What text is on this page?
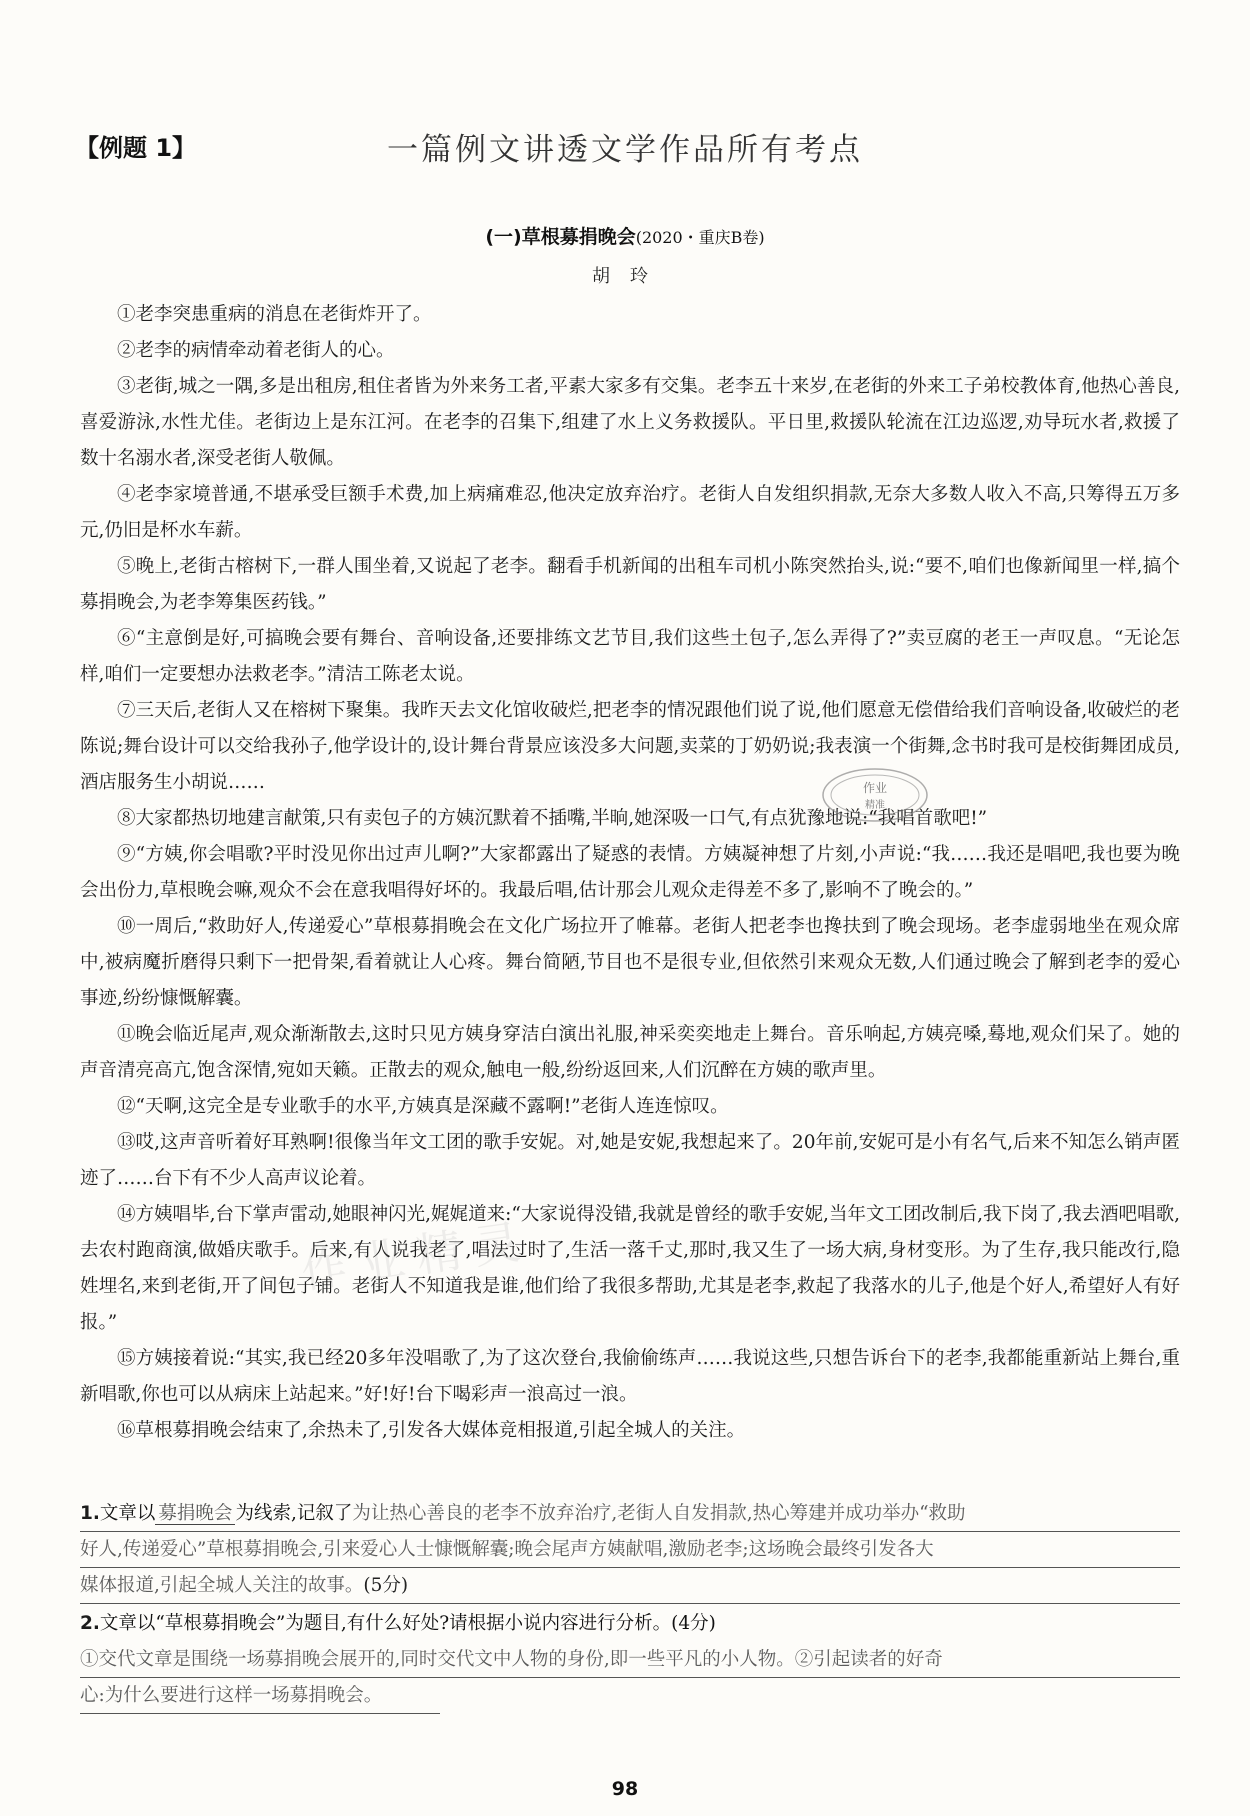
【例题 1】	一篇例文讲透文学作品所有考点
(一)草根募捐晚会(2020・重庆B卷)
胡玲

①老李突患重病的消息在老街炸开了。

②老李的病情牵动着老街人的心。

③老街,城之一隅,多是出租房,租住者皆为外来务工者,平素大家多有交集。老李五十来岁,在老街的外来工子弟校教体育,他热心善良,喜爱游泳,水性尤佳。老街边上是东江河。在老李的召集下,组建了水上义务救援队。平日里,救援队轮流在江边巡逻,劝导玩水者,救援了数十名溺水者,深受老街人敬佩。

④老李家境普通,不堪承受巨额手术费,加上病痛难忍,他决定放弃治疗。老街人自发组织捐款,无奈大多数人收入不高,只筹得五万多元,仍旧是杯水车薪。

⑤晚上,老街古榕树下,一群人围坐着,又说起了老李。翻看手机新闻的出租车司机小陈突然抬头,说:“要不,咱们也像新闻里一样,搞个募捐晚会,为老李筹集医药钱。”

⑥“主意倒是好,可搞晚会要有舞台、音响设备,还要排练文艺节目,我们这些土包子,怎么弄得了?”卖豆腐的老王一声叹息。“无论怎样,咱们一定要想办法救老李。”清洁工陈老太说。

⑦三天后,老街人又在榕树下聚集。我昨天去文化馆收破烂,把老李的情况跟他们说了说,他们愿意无偿借给我们音响设备,收破烂的老陈说;舞台设计可以交给我孙子,他学设计的,设计舞台背景应该没多大问题,卖菜的丁奶奶说;我表演一个街舞,念书时我可是校街舞团成员,酒店服务生小胡说……

⑧大家都热切地建言献策,只有卖包子的方姨沉默着不插嘴,半晌,她深吸一口气,有点犹豫地说:“我唱首歌吧!”

⑨“方姨,你会唱歌?平时没见你出过声儿啊?”大家都露出了疑惑的表情。方姨凝神想了片刻,小声说:“我……我还是唱吧,我也要为晚会出份力,草根晚会嘛,观众不会在意我唱得好坏的。我最后唱,估计那会儿观众走得差不多了,影响不了晚会的。”

⑩一周后,“救助好人,传递爱心”草根募捐晚会在文化广场拉开了帷幕。老街人把老李也搀扶到了晚会现场。老李虚弱地坐在观众席中,被病魔折磨得只剩下一把骨架,看着就让人心疼。舞台简陋,节目也不是很专业,但依然引来观众无数,人们通过晚会了解到老李的爱心事迹,纷纷慷慨解囊。

⑪晚会临近尾声,观众渐渐散去,这时只见方姨身穿洁白演出礼服,神采奕奕地走上舞台。音乐响起,方姨亮嗓,蓦地,观众们呆了。她的声音清亮高亢,饱含深情,宛如天籁。正散去的观众,触电一般,纷纷返回来,人们沉醉在方姨的歌声里。

⑫“天啊,这完全是专业歌手的水平,方姨真是深藏不露啊!”老街人连连惊叹。

⑬哎,这声音听着好耳熟啊!很像当年文工团的歌手安妮。对,她是安妮,我想起来了。20年前,安妮可是小有名气,后来不知怎么销声匿迹了……台下有不少人高声议论着。

⑭方姨唱毕,台下掌声雷动,她眼神闪光,娓娓道来:“大家说得没错,我就是曾经的歌手安妮,当年文工团改制后,我下岗了,我去酒吧唱歌,去农村跑商演,做婚庆歌手。后来,有人说我老了,唱法过时了,生活一落千丈,那时,我又生了一场大病,身材变形。为了生存,我只能改行,隐姓埋名,来到老街,开了间包子铺。老街人不知道我是谁,他们给了我很多帮助,尤其是老李,救起了我落水的儿子,他是个好人,希望好人有好报。”

⑮方姨接着说:“其实,我已经20多年没唱歌了,为了这次登台,我偷偷练声……我说这些,只想告诉台下的老李,我都能重新站上舞台,重新唱歌,你也可以从病床上站起来。”好!好!台下喝彩声一浪高过一浪。

⑯草根募捐晚会结束了,余热未了,引发各大媒体竞相报道,引起全城人的关注。

1.文章以 募捐晚会 为线索,记叙了为让热心善良的老李不放弃治疗,老街人自发捐款,热心筹建并成功举办“救助
好人,传递爱心”草根募捐晚会,引来爱心人士慷慨解囊;晚会尾声方姨献唱,激励老李;这场晚会最终引发各大
媒体报道,引起全城人关注的故事。(5分)
2.文章以“草根募捐晚会”为题目,有什么好处?请根据小说内容进行分析。(4分)
①交代文章是围绕一场募捐晚会展开的,同时交代文中人物的身份,即一些平凡的小人物。②引起读者的好奇
心:为什么要进行这样一场募捐晚会。
作业
精准
作业精灵
98
